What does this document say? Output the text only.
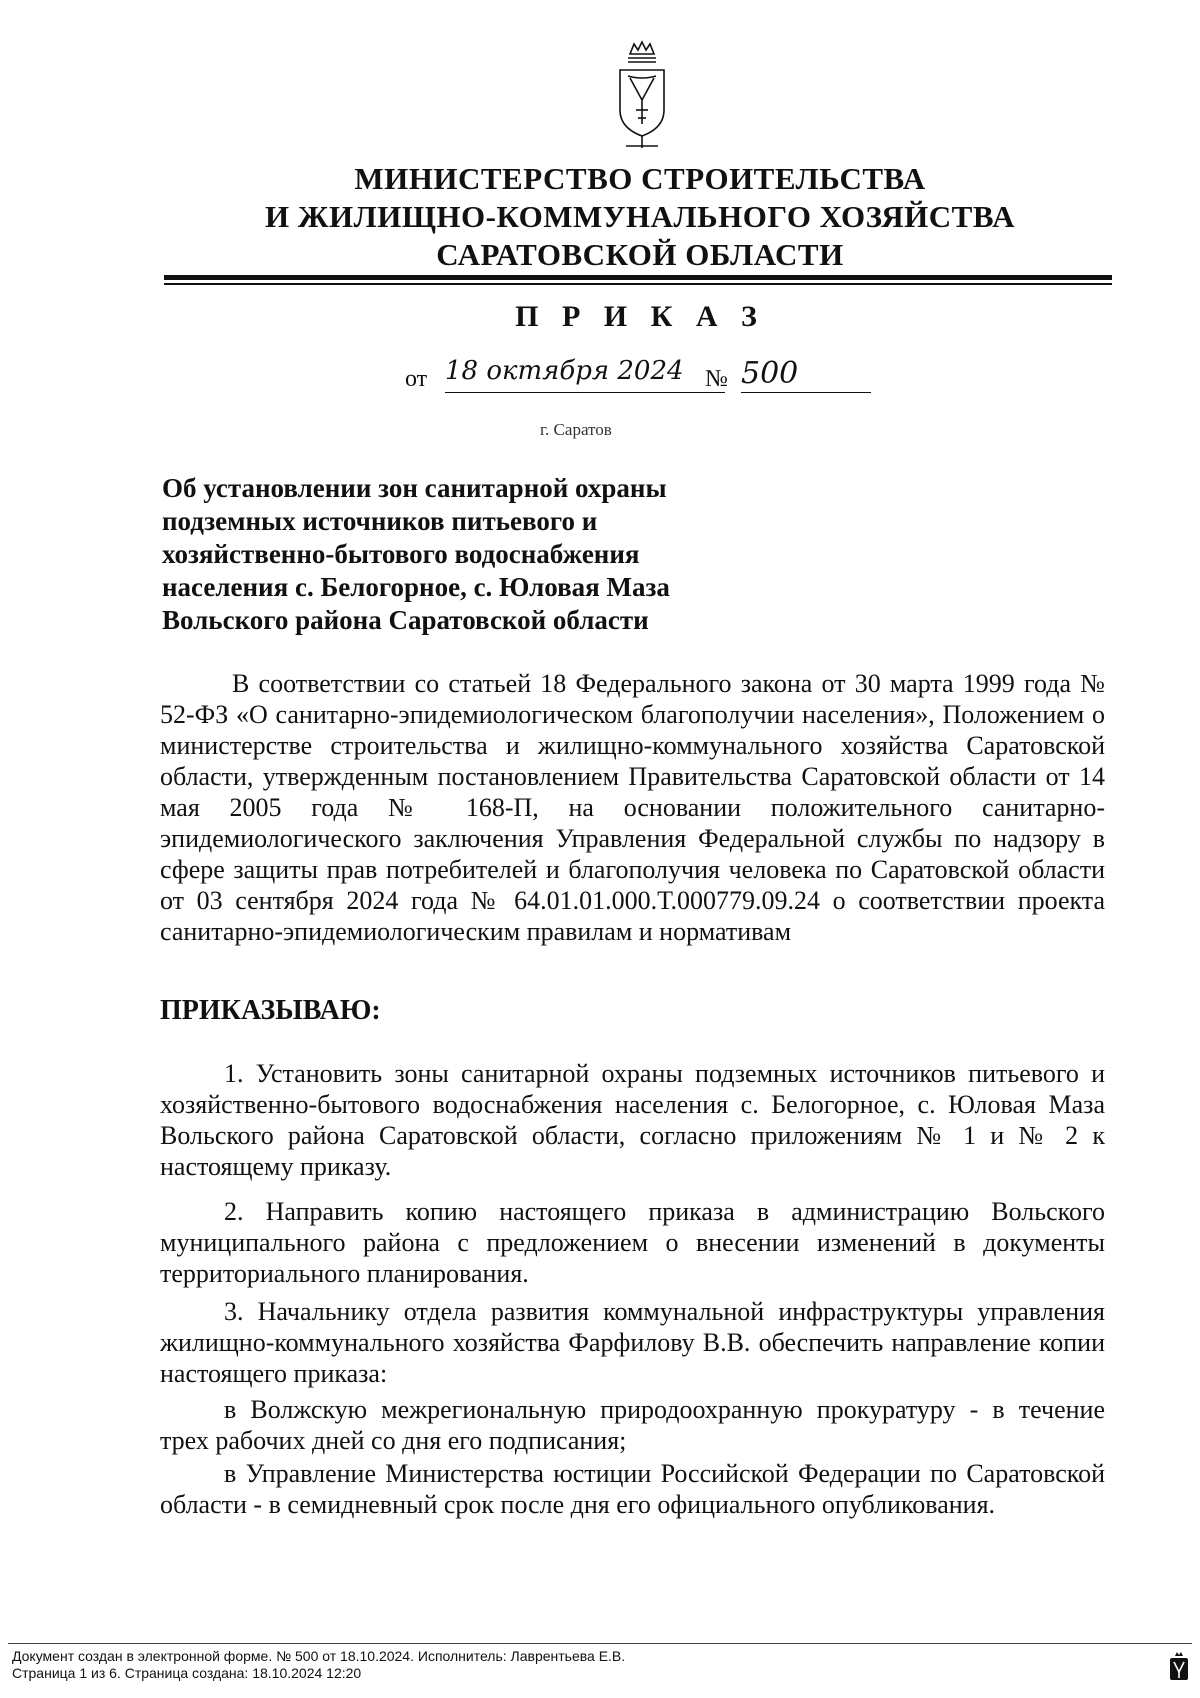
МИНИСТЕРСТВО СТРОИТЕЛЬСТВА
И ЖИЛИЩНО-КОММУНАЛЬНОГО ХОЗЯЙСТВА
САРАТОВСКОЙ ОБЛАСТИ
П Р И К А З
от 18 октября 2024 № 500
г. Саратов
Об установлении зон санитарной охраны
подземных источников питьевого и
хозяйственно-бытового водоснабжения
населения с. Белогорное, с. Юловая Маза
Вольского района Саратовской области
В соответствии со статьей 18 Федерального закона от 30 марта 1999 года № 52-ФЗ «О санитарно-эпидемиологическом благополучии населения», Положением о министерстве строительства и жилищно-коммунального хозяйства Саратовской области, утвержденным постановлением Правительства Саратовской области от 14 мая 2005 года № 168-П, на основании положительного санитарно-эпидемиологического заключения Управления Федеральной службы по надзору в сфере защиты прав потребителей и благополучия человека по Саратовской области от 03 сентября 2024 года № 64.01.01.000.Т.000779.09.24 о соответствии проекта санитарно-эпидемиологическим правилам и нормативам
ПРИКАЗЫВАЮ:
1. Установить зоны санитарной охраны подземных источников питьевого и хозяйственно-бытового водоснабжения населения с. Белогорное, с. Юловая Маза Вольского района Саратовской области, согласно приложениям № 1 и № 2 к настоящему приказу.
2. Направить копию настоящего приказа в администрацию Вольского муниципального района с предложением о внесении изменений в документы территориального планирования.
3. Начальнику отдела развития коммунальной инфраструктуры управления жилищно-коммунального хозяйства Фарфилову В.В. обеспечить направление копии настоящего приказа:
в Волжскую межрегиональную природоохранную прокуратуру - в течение трех рабочих дней со дня его подписания;
в Управление Министерства юстиции Российской Федерации по Саратовской области - в семидневный срок после дня его официального опубликования.
Документ создан в электронной форме. № 500 от 18.10.2024. Исполнитель: Лаврентьева Е.В.
Страница 1 из 6. Страница создана: 18.10.2024 12:20
